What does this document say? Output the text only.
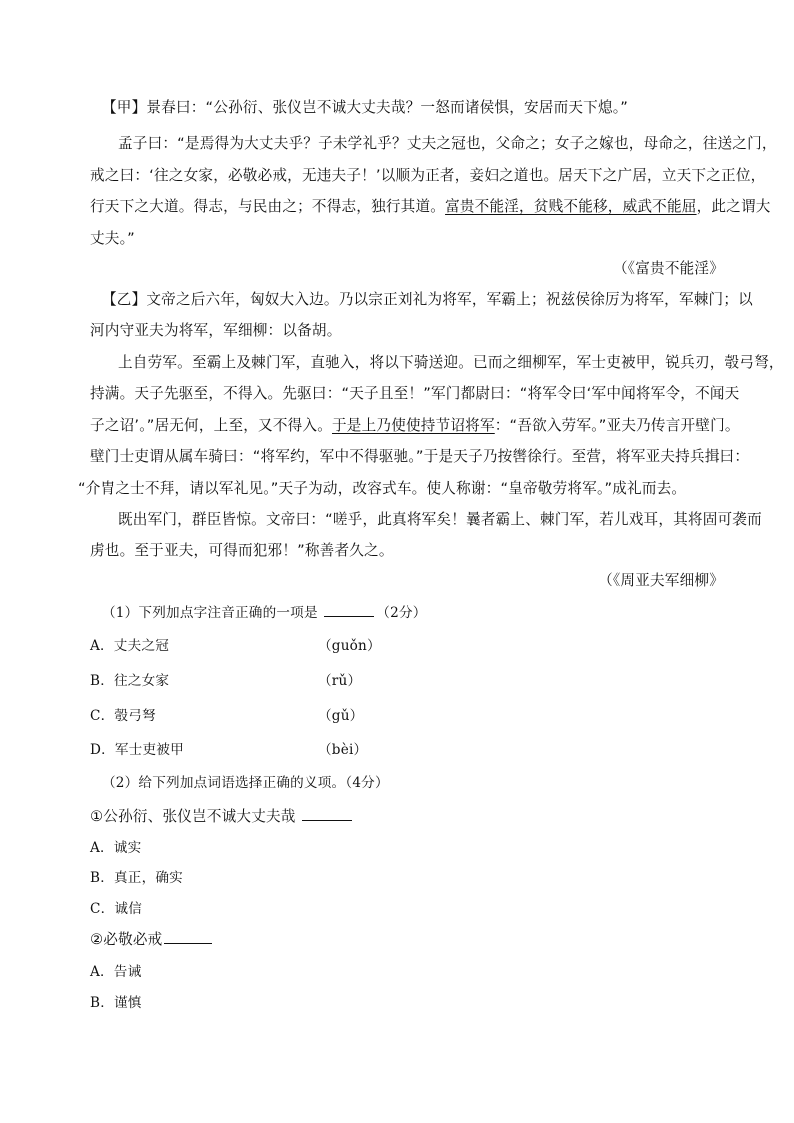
【甲】景春曰：“公孙衍、张仪岂不诚大丈夫哉？一怒而诸侯惧，安居而天下熄。”
孟子曰：“是焉得为大丈夫乎？子未学礼乎？丈夫之冠也，父命之；女子之嫁也，母命之，往送之门，
戒之曰：‘往之女家，必敬必戒，无违夫子！’以顺为正者，妾妇之道也。居天下之广居，立天下之正位，
行天下之大道。得志，与民由之；不得志，独行其道。富贵不能淫，贫贱不能移，威武不能屈，此之谓大
丈夫。”
（《富贵不能淫》
【乙】文帝之后六年，匈奴大入边。乃以宗正刘礼为将军，军霸上；祝兹侯徐厉为将军，军棘门；以
河内守亚夫为将军，军细柳：以备胡。
上自劳军。至霸上及棘门军，直驰入，将以下骑送迎。已而之细柳军，军士吏被甲，锐兵刃，彀弓弩，
持满。天子先驱至，不得入。先驱曰：“天子且至！”军门都尉曰：“将军令曰‘军中闻将军令，不闻天
子之诏’。”居无何，上至，又不得入。于是上乃使使持节诏将军：“吾欲入劳军。”亚夫乃传言开壁门。
壁门士吏谓从属车骑曰：“将军约，军中不得驱驰。”于是天子乃按辔徐行。至营，将军亚夫持兵揖曰：
“介胄之士不拜，请以军礼见。”天子为动，改容式车。使人称谢：“皇帝敬劳将军。”成礼而去。
既出军门，群臣皆惊。文帝曰：“嗟乎，此真将军矣！曩者霸上、棘门军，若儿戏耳，其将固可袭而
虏也。至于亚夫，可得而犯邪！”称善者久之。
（《周亚夫军细柳》
（1）下列加点字注音正确的一项是	（2分）
A．丈夫之冠	（guǒn）
B．往之女家	（rǔ）
C．彀弓弩	（gǔ）
D．军士吏被甲	（bèi）
（2）给下列加点词语选择正确的义项。（4分）
①公孙衍、张仪岂不诚大丈夫哉
A．诚实
B．真正，确实
C．诚信
②必敬必戒
A．告诫
B．谨慎
